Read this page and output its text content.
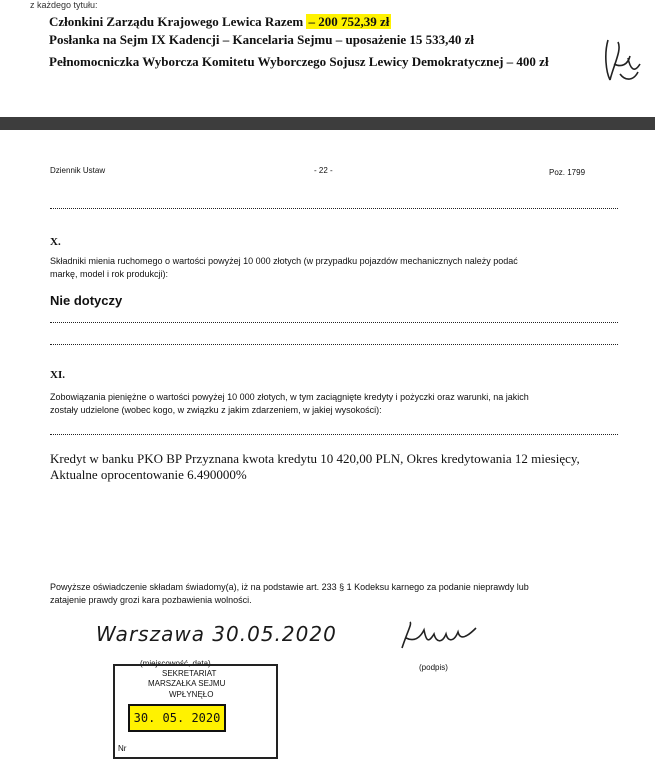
z każdego tytułu:
Członkini Zarządu Krajowego Lewica Razem – 200 752,39 zł
Posłanka na Sejm IX Kadencji – Kancelaria Sejmu – uposażenie 15 533,40 zł
Pełnomocniczka Wyborcza Komitetu Wyborczego Sojusz Lewicy Demokratycznej – 400 zł
Dziennik Ustaw	- 22 -	Poz. 1799
X.
Składniki mienia ruchomego o wartości powyżej 10 000 złotych (w przypadku pojazdów mechanicznych należy podać
markę, model i rok produkcji):
Nie dotyczy
XI.
Zobowiązania pieniężne o wartości powyżej 10 000 złotych, w tym zaciągnięte kredyty i pożyczki oraz warunki, na jakich
zostały udzielone (wobec kogo, w związku z jakim zdarzeniem, w jakiej wysokości):
Kredyt w banku PKO BP Przyznana kwota kredytu 10 420,00 PLN, Okres kredytowania 12 miesięcy,
Aktualne oprocentowanie 6.490000%
Powyższe oświadczenie składam świadomy(a), iż na podstawie art. 233 § 1 Kodeksu karnego za podanie nieprawdy lub
zatajenie prawdy grozi kara pozbawienia wolności.
Warszawa 30.05.2020
(miejscowość, data)	(podpis)
SEKRETARIAT
MARSZAŁKA SEJMU
WPŁYNĘŁO
30. 05. 2020
Nr
